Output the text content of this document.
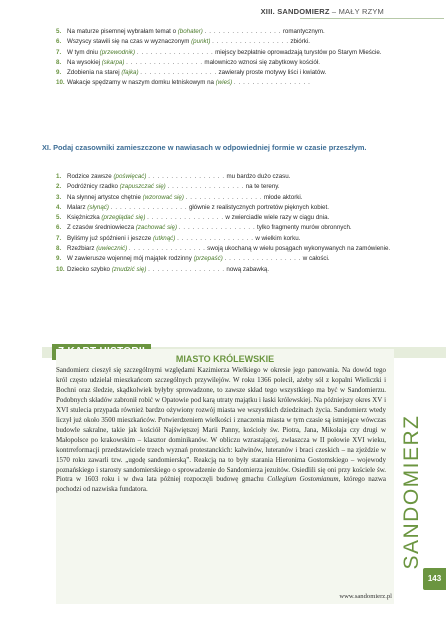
XIII. SANDOMIERZ – MAŁY RZYM
5. Na maturze pisemnej wybrałam temat o (bohater) . . . . . . . . . . . . . . . . . romantycznym.
6. Wszyscy stawili się na czas w wyznaczonym (punkt) . . . . . . . . . . . . . . . . . zbiórki.
7. W tym dniu (przewodnik) . . . . . . . . . . . . . . . . . miejscy bezpłatnie oprowadzają turystów po Starym Mieście.
8. Na wysokiej (skarpa) . . . . . . . . . . . . . . . . . malowniczo wznosi się zabytkowy kościół.
9. Zdobienia na starej (fajka) . . . . . . . . . . . . . . . . . zawierały proste motywy liści i kwiatów.
10. Wakacje spędzamy w naszym domku letniskowym na (wieś) . . . . . . . . . . . . . . . . .
XI. Podaj czasowniki zamieszczone w nawiasach w odpowiedniej formie w czasie przeszłym.
1. Rodzice zawsze (poświęcać) . . . . . . . . . . . . . . . . . mu bardzo dużo czasu.
2. Podróżnicy rzadko (zapuszczać się) . . . . . . . . . . . . . . . . . na te tereny.
3. Na słynnej artystce chętnie (wzorować się) . . . . . . . . . . . . . . . . . młode aktorki.
4. Malarz (słynąć) . . . . . . . . . . . . . . . . . głównie z realistycznych portretów pięknych kobiet.
5. Księżniczka (przeglądać się) . . . . . . . . . . . . . . . . . w zwierciadle wiele razy w ciągu dnia.
6. Z czasów średniowiecza (zachować się) . . . . . . . . . . . . . . . . . tylko fragmenty murów obronnych.
7. Byliśmy już spóźnieni i jeszcze (utknąć) . . . . . . . . . . . . . . . . . w wielkim korku.
8. Rzeźbiarz (uwiecznić) . . . . . . . . . . . . . . . . . swoją ukochaną w wielu posągach wykonywanych na zamówienie.
9. W zawierusze wojennej mój majątek rodzinny (przepaść) . . . . . . . . . . . . . . . . . w całości.
10. Dziecko szybko (znudzić się) . . . . . . . . . . . . . . . . . nową zabawką.
MIASTO KRÓLEWSKIE
Sandomierz cieszył się szczególnymi względami Kazimierza Wielkiego w okresie jego panowania. Na dowód tego król często udzielał mieszkańcom szczególnych przywilejów. W roku 1366 polecił, ażeby sól z kopalni Wieliczki i Bochni oraz śledzie, skądkolwiek byłyby sprowadzone, to zawsze skład tego wszystkiego ma być w Sandomierzu. Podobnych składów zabronił robić w Opatowie pod karą utraty majątku i łaski królewskiej. Na późniejszy okres XV i XVI stulecia przypada również bardzo ożywiony rozwój miasta we wszystkich dziedzinach życia. Sandomierz wtedy liczył już około 3500 mieszkańców. Potwierdzeniem wielkości i znaczenia miasta w tym czasie są istniejące wówczas budowle sakralne, takie jak kościół Najświętszej Marii Panny, kościoły św. Piotra, Jana, Mikołaja czy drugi w Małopolsce po krakowskim – klasztor dominikanów. W obliczu wzrastającej, zwłaszcza w II połowie XVI wieku, kontrreformacji przedstawiciele trzech wyznań protestanckich: kalwinów, luteranów i braci czeskich – na zjeździe w 1570 roku zawarli tzw. „ugodę sandomierską”. Reakcją na to były starania Hieronima Gostomskiego – wojewody poznańskiego i starosty sandomierskiego o sprowadzenie do Sandomierza jezuitów. Osiedlili się oni przy kościele św. Piotra w 1603 roku i w dwa lata później rozpoczęli budowę gmachu Collegium Gostomianum, którego nazwa pochodzi od nazwiska fundatora.
www.sandomierz.pl
SANDOMIERZ
143
